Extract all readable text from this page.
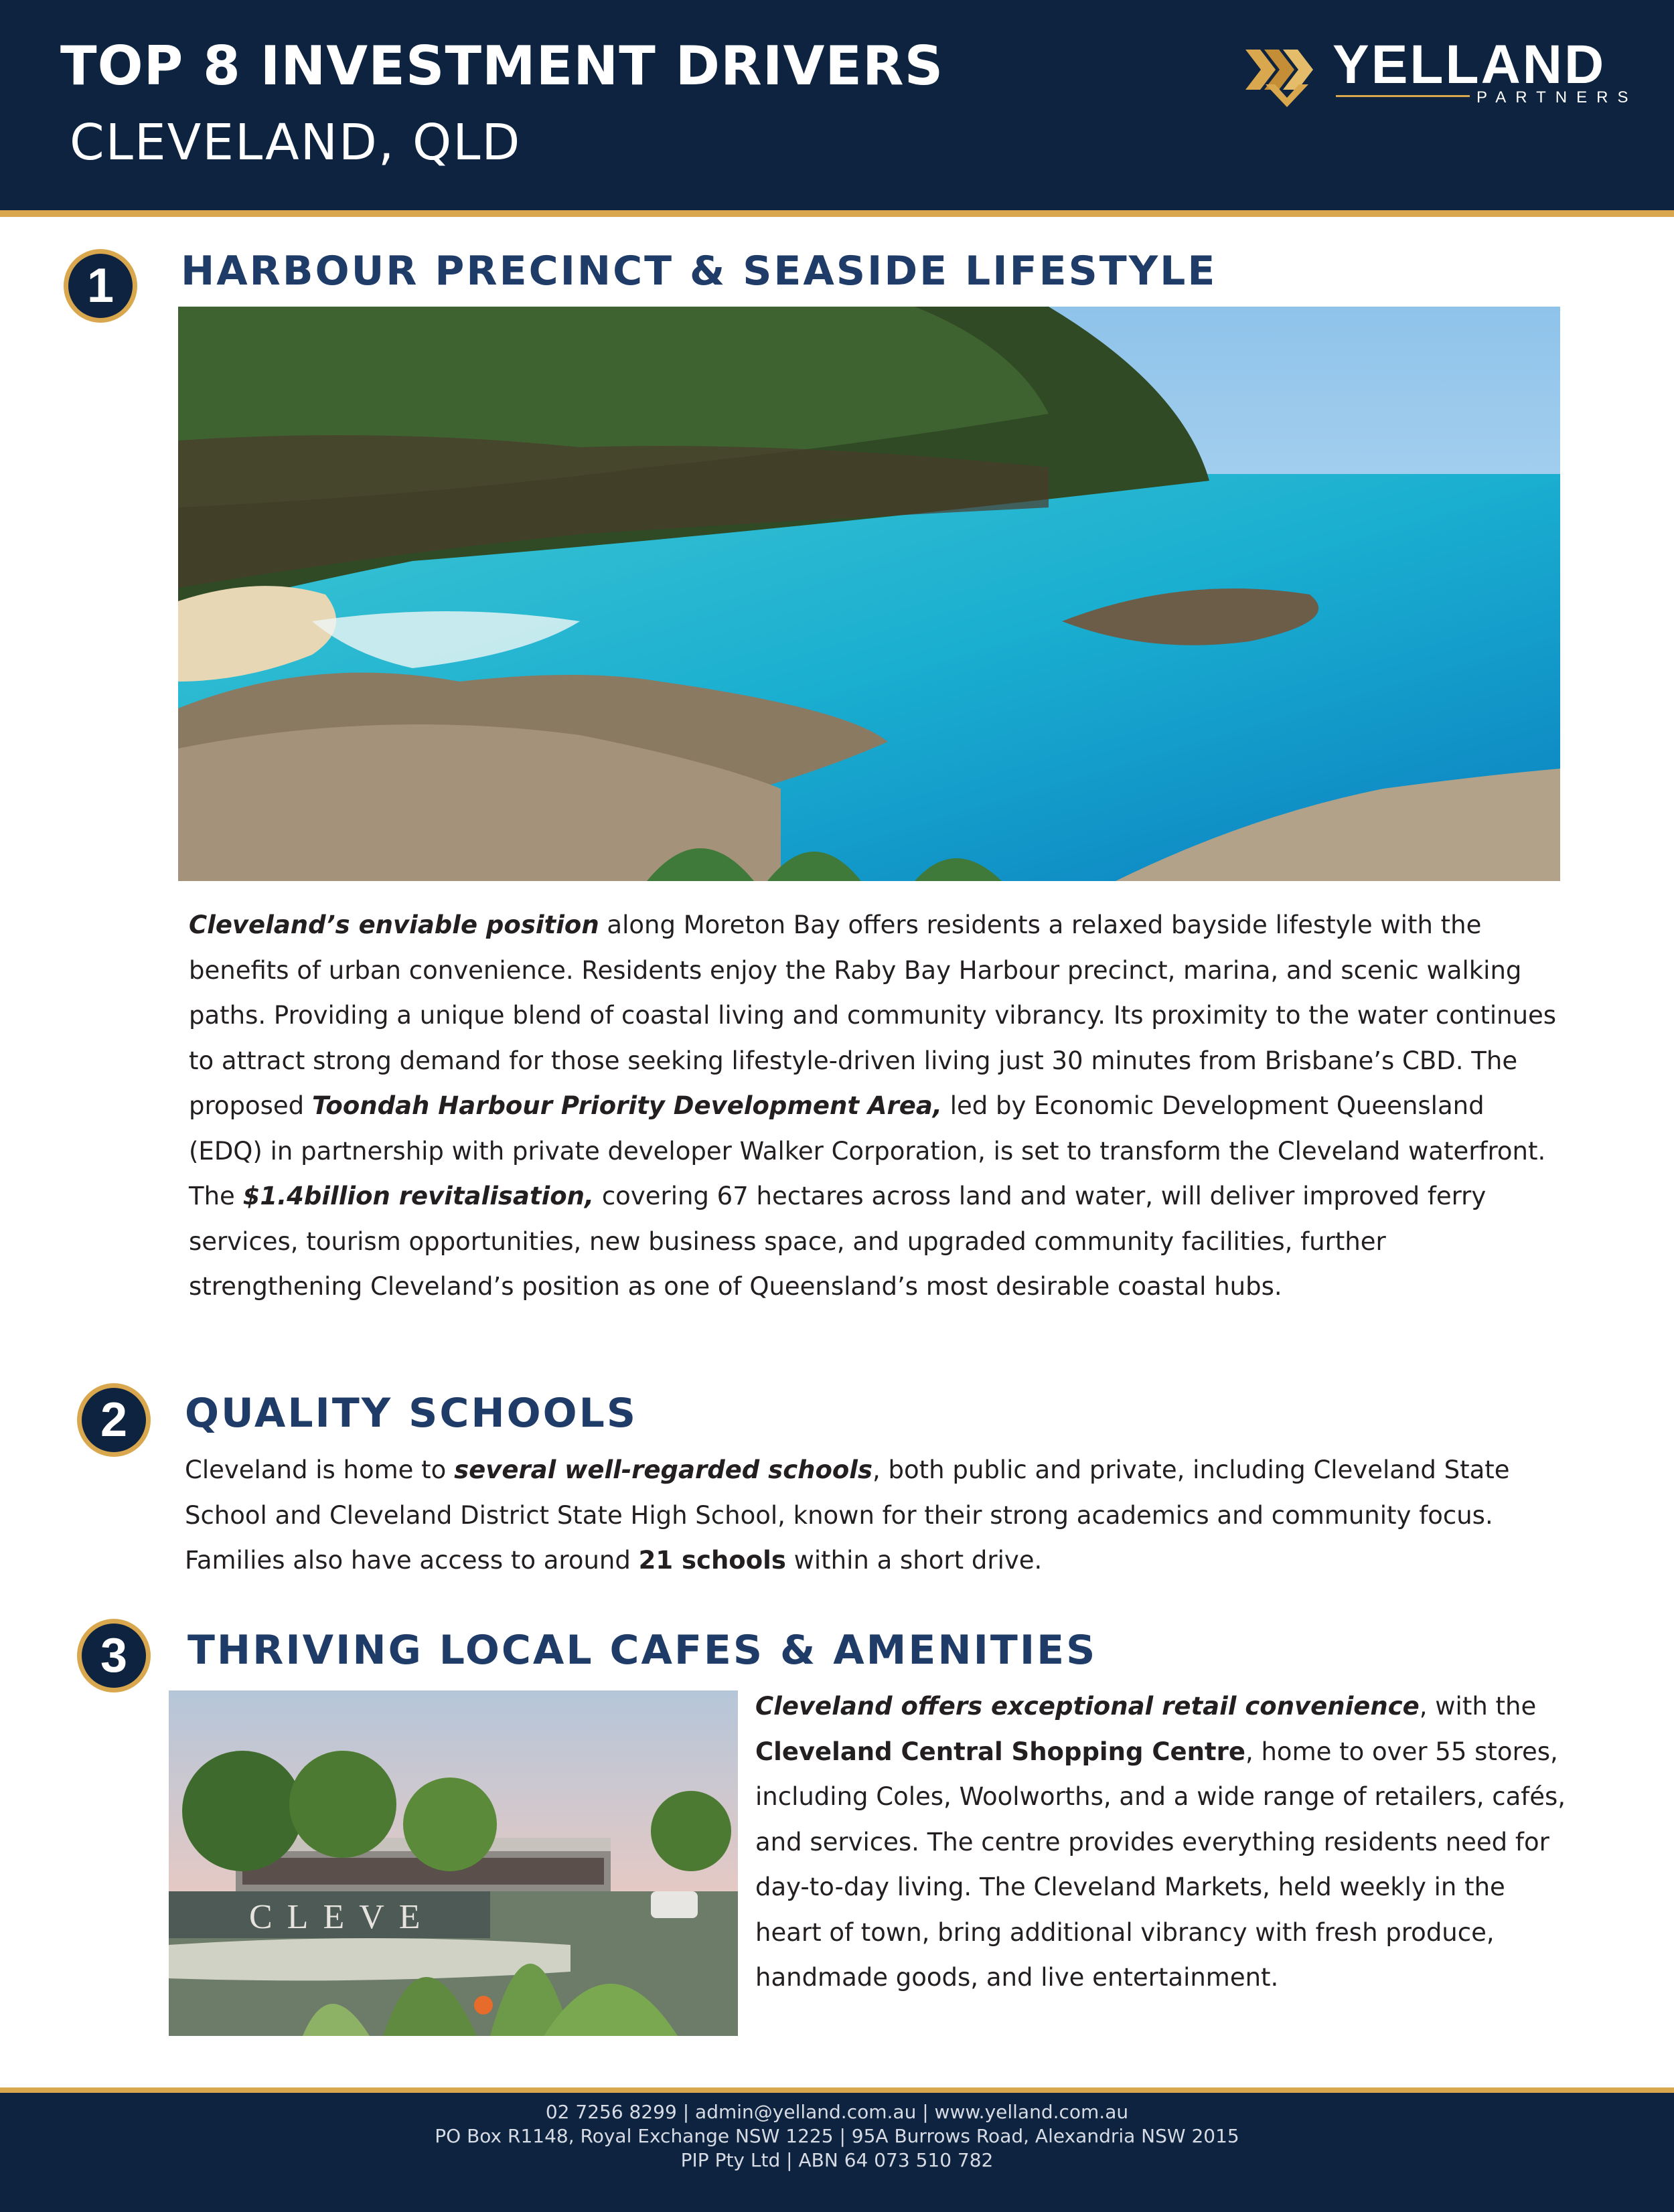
TOP 8 INVESTMENT DRIVERS
CLEVELAND, QLD
YELLAND
PARTNERS
1	HARBOUR PRECINCT & SEASIDE LIFESTYLE
Cleveland’s enviable position along Moreton Bay offers residents a relaxed bayside lifestyle with the benefits of urban convenience. Residents enjoy the Raby Bay Harbour precinct, marina, and scenic walking paths. Providing a unique blend of coastal living and community vibrancy. Its proximity to the water continues to attract strong demand for those seeking lifestyle-driven living just 30 minutes from Brisbane’s CBD. The proposed Toondah Harbour Priority Development Area, led by Economic Development Queensland (EDQ) in partnership with private developer Walker Corporation, is set to transform the Cleveland waterfront. The $1.4billion revitalisation, covering 67 hectares across land and water, will deliver improved ferry services, tourism opportunities, new business space, and upgraded community facilities, further strengthening Cleveland’s position as one of Queensland’s most desirable coastal hubs.
2	QUALITY SCHOOLS
Cleveland is home to several well-regarded schools, both public and private, including Cleveland State School and Cleveland District State High School, known for their strong academics and community focus. Families also have access to around 21 schools within a short drive.
3	THRIVING LOCAL CAFES & AMENITIES
CLEVE
Cleveland offers exceptional retail convenience, with the Cleveland Central Shopping Centre, home to over 55 stores, including Coles, Woolworths, and a wide range of retailers, cafés, and services. The centre provides everything residents need for day-to-day living. The Cleveland Markets, held weekly in the heart of town, bring additional vibrancy with fresh produce, handmade goods, and live entertainment.
02 7256 8299 | admin@yelland.com.au | www.yelland.com.au
PO Box R1148, Royal Exchange NSW 1225 | 95A Burrows Road, Alexandria NSW 2015
PIP Pty Ltd | ABN 64 073 510 782
